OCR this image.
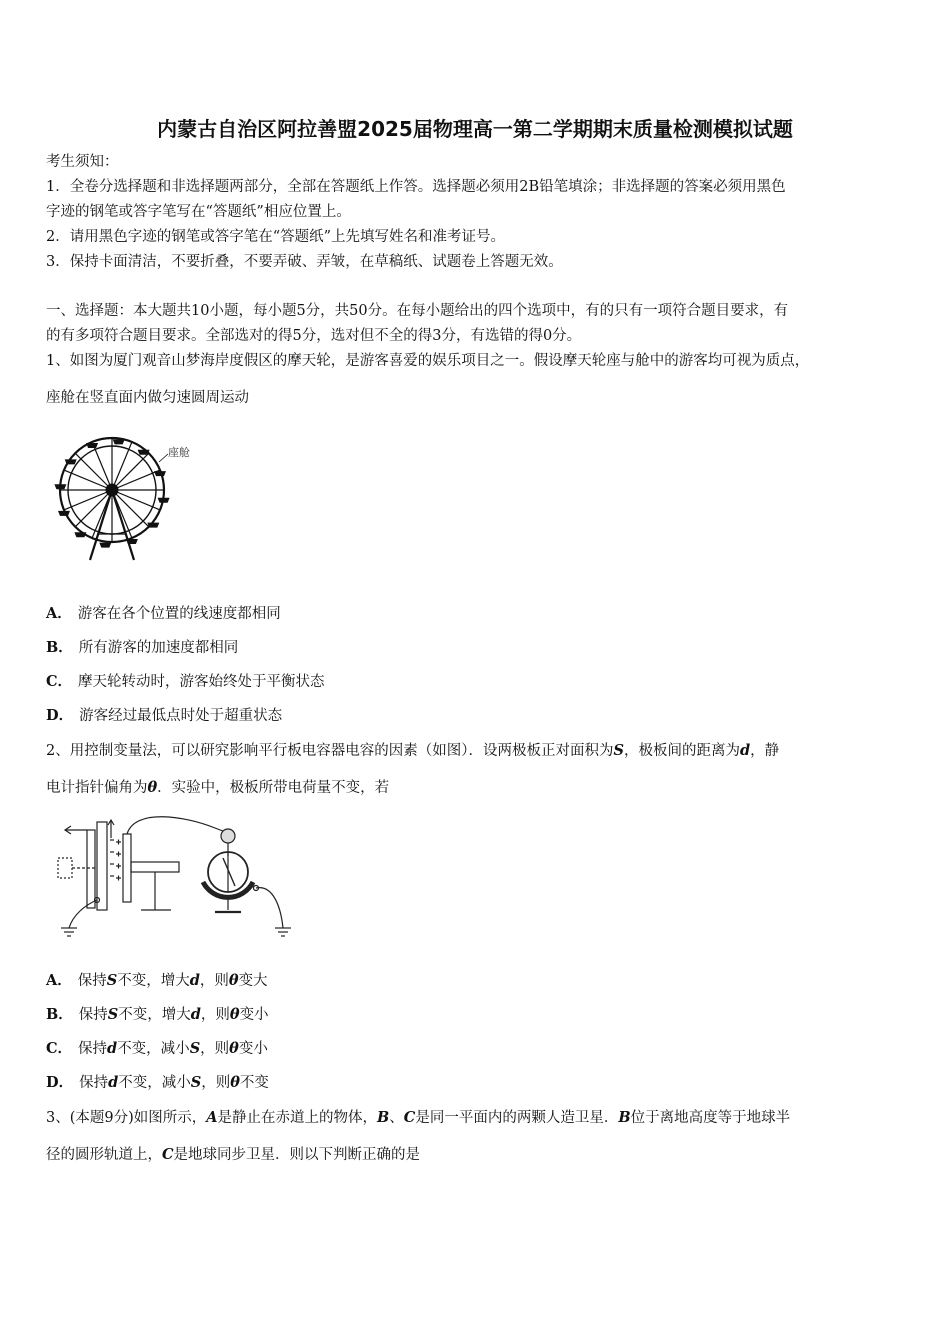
内蒙古自治区阿拉善盟2025届物理高一第二学期期末质量检测模拟试题
考生须知：
1．全卷分选择题和非选择题两部分，全部在答题纸上作答。选择题必须用2B铅笔填涂；非选择题的答案必须用黑色
字迹的钢笔或答字笔写在“答题纸”相应位置上。
2．请用黑色字迹的钢笔或答字笔在“答题纸”上先填写姓名和准考证号。
3．保持卡面清洁，不要折叠，不要弄破、弄皱，在草稿纸、试题卷上答题无效。
一、选择题：本大题共10小题，每小题5分，共50分。在每小题给出的四个选项中，有的只有一项符合题目要求，有
的有多项符合题目要求。全部选对的得5分，选对但不全的得3分，有选错的得0分。
1、如图为厦门观音山梦海岸度假区的摩天轮，是游客喜爱的娱乐项目之一。假设摩天轮座与舱中的游客均可视为质点，
座舱在竖直面内做匀速圆周运动
座舱
A． 游客在各个位置的线速度都相同
B． 所有游客的加速度都相同
C． 摩天轮转动时，游客始终处于平衡状态
D． 游客经过最低点时处于超重状态
2、用控制变量法，可以研究影响平行板电容器电容的因素（如图）．设两极板正对面积为S，极板间的距离为d，静
电计指针偏角为θ．实验中，极板所带电荷量不变，若
A． 保持S不变，增大d，则θ变大
B． 保持S不变，增大d，则θ变小
C． 保持d不变，减小S，则θ变小
D． 保持d不变，减小S，则θ不变
3、(本题9分)如图所示，A是静止在赤道上的物体，B、C是同一平面内的两颗人造卫星．B位于离地高度等于地球半
径的圆形轨道上，C是地球同步卫星．则以下判断正确的是
